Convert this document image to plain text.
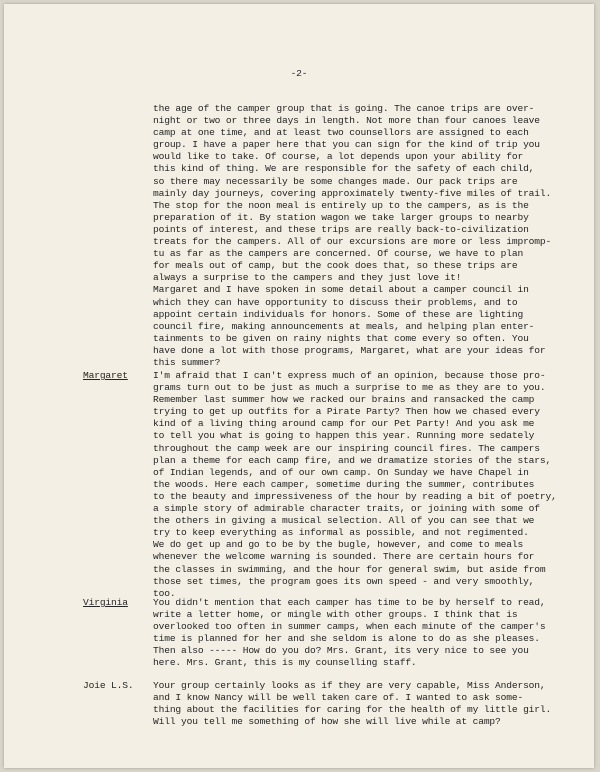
-2-
the age of the camper group that is going. The canoe trips are over-
night or two or three days in length. Not more than four canoes leave
camp at one time, and at least two counsellors are assigned to each
group. I have a paper here that you can sign for the kind of trip you
would like to take. Of course, a lot depends upon your ability for
this kind of thing. We are responsible for the safety of each child,
so there may necessarily be some changes made. Our pack trips are
mainly day journeys, covering approximately twenty-five miles of trail.
The stop for the noon meal is entirely up to the campers, as is the
preparation of it. By station wagon we take larger groups to nearby
points of interest, and these trips are really back-to-civilization
treats for the campers. All of our excursions are more or less impromp-
tu as far as the campers are concerned. Of course, we have to plan
for meals out of camp, but the cook does that, so these trips are
always a surprise to the campers and they just love it!
Margaret and I have spoken in some detail about a camper council in
which they can have opportunity to discuss their problems, and to
appoint certain individuals for honors. Some of these are lighting
council fire, making announcements at meals, and helping plan enter-
tainments to be given on rainy nights that come every so often. You
have done a lot with those programs, Margaret, what are your ideas for
this summer?
Margaret	I'm afraid that I can't express much of an opinion, because those pro-
grams turn out to be just as much a surprise to me as they are to you.
Remember last summer how we racked our brains and ransacked the camp
trying to get up outfits for a Pirate Party? Then how we chased every
kind of a living thing around camp for our Pet Party! And you ask me
to tell you what is going to happen this year. Running more sedately
throughout the camp week are our inspiring council fires. The campers
plan a theme for each camp fire, and we dramatize stories of the stars,
of Indian legends, and of our own camp. On Sunday we have Chapel in
the woods. Here each camper, sometime during the summer, contributes
to the beauty and impressiveness of the hour by reading a bit of poetry,
a simple story of admirable character traits, or joining with some of
the others in giving a musical selection. All of you can see that we
try to keep everything as informal as possible, and not regimented.
We do get up and go to be by the bugle, however, and come to meals
whenever the welcome warning is sounded. There are certain hours for
the classes in swimming, and the hour for general swim, but aside from
those set times, the program goes its own speed - and very smoothly,
too.
Virginia	You didn't mention that each camper has time to be by herself to read,
write a letter home, or mingle with other groups. I think that is
overlooked too often in summer camps, when each minute of the camper's
time is planned for her and she seldom is alone to do as she pleases.
Then also ----- How do you do? Mrs. Grant, its very nice to see you
here. Mrs. Grant, this is my counselling staff.
Joie L.S. Your group certainly looks as if they are very capable, Miss Anderson,
and I know Nancy will be well taken care of. I wanted to ask some-
thing about the facilities for caring for the health of my little girl.
Will you tell me something of how she will live while at camp?
